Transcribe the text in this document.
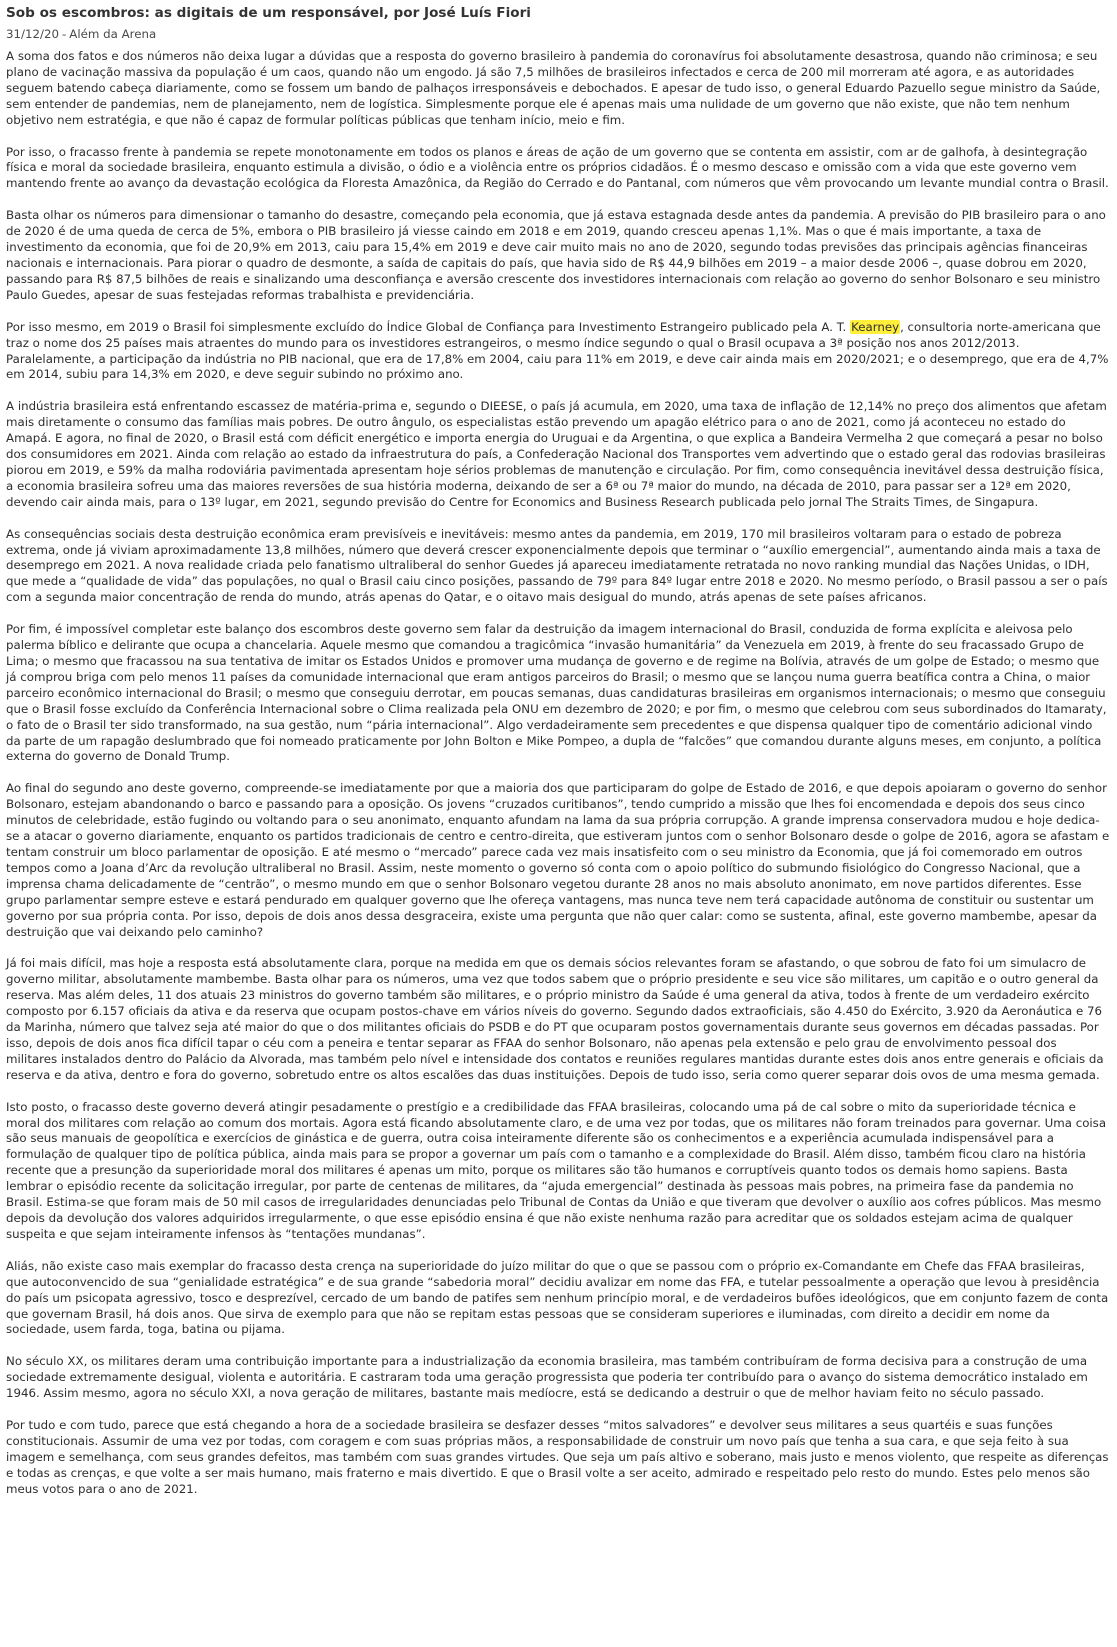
Sob os escombros: as digitais de um responsável, por José Luís Fiori
31/12/20 - Além da Arena

A soma dos fatos e dos números não deixa lugar a dúvidas que a resposta do governo brasileiro à pandemia do coronavírus foi absolutamente desastrosa, quando não criminosa; e seu plano de vacinação massiva da população é um caos, quando não um engodo. Já são 7,5 milhões de brasileiros infectados e cerca de 200 mil morreram até agora, e as autoridades seguem batendo cabeça diariamente, como se fossem um bando de palhaços irresponsáveis e debochados. E apesar de tudo isso, o general Eduardo Pazuello segue ministro da Saúde, sem entender de pandemias, nem de planejamento, nem de logística. Simplesmente porque ele é apenas mais uma nulidade de um governo que não existe, que não tem nenhum objetivo nem estratégia, e que não é capaz de formular políticas públicas que tenham início, meio e fim.

Por isso, o fracasso frente à pandemia se repete monotonamente em todos os planos e áreas de ação de um governo que se contenta em assistir, com ar de galhofa, à desintegração física e moral da sociedade brasileira, enquanto estimula a divisão, o ódio e a violência entre os próprios cidadãos. É o mesmo descaso e omissão com a vida que este governo vem mantendo frente ao avanço da devastação ecológica da Floresta Amazônica, da Região do Cerrado e do Pantanal, com números que vêm provocando um levante mundial contra o Brasil.

Basta olhar os números para dimensionar o tamanho do desastre, começando pela economia, que já estava estagnada desde antes da pandemia. A previsão do PIB brasileiro para o ano de 2020 é de uma queda de cerca de 5%, embora o PIB brasileiro já viesse caindo em 2018 e em 2019, quando cresceu apenas 1,1%. Mas o que é mais importante, a taxa de investimento da economia, que foi de 20,9% em 2013, caiu para 15,4% em 2019 e deve cair muito mais no ano de 2020, segundo todas previsões das principais agências financeiras nacionais e internacionais. Para piorar o quadro de desmonte, a saída de capitais do país, que havia sido de R$ 44,9 bilhões em 2019 – a maior desde 2006 –, quase dobrou em 2020, passando para R$ 87,5 bilhões de reais e sinalizando uma desconfiança e aversão crescente dos investidores internacionais com relação ao governo do senhor Bolsonaro e seu ministro Paulo Guedes, apesar de suas festejadas reformas trabalhista e previdenciária.

Por isso mesmo, em 2019 o Brasil foi simplesmente excluído do Índice Global de Confiança para Investimento Estrangeiro publicado pela A. T. Kearney, consultoria norte-americana que traz o nome dos 25 países mais atraentes do mundo para os investidores estrangeiros, o mesmo índice segundo o qual o Brasil ocupava a 3ª posição nos anos 2012/2013. Paralelamente, a participação da indústria no PIB nacional, que era de 17,8% em 2004, caiu para 11% em 2019, e deve cair ainda mais em 2020/2021; e o desemprego, que era de 4,7% em 2014, subiu para 14,3% em 2020, e deve seguir subindo no próximo ano.

A indústria brasileira está enfrentando escassez de matéria-prima e, segundo o DIEESE, o país já acumula, em 2020, uma taxa de inflação de 12,14% no preço dos alimentos que afetam mais diretamente o consumo das famílias mais pobres. De outro ângulo, os especialistas estão prevendo um apagão elétrico para o ano de 2021, como já aconteceu no estado do Amapá. E agora, no final de 2020, o Brasil está com déficit energético e importa energia do Uruguai e da Argentina, o que explica a Bandeira Vermelha 2 que começará a pesar no bolso dos consumidores em 2021. Ainda com relação ao estado da infraestrutura do país, a Confederação Nacional dos Transportes vem advertindo que o estado geral das rodovias brasileiras piorou em 2019, e 59% da malha rodoviária pavimentada apresentam hoje sérios problemas de manutenção e circulação. Por fim, como consequência inevitável dessa destruição física, a economia brasileira sofreu uma das maiores reversões de sua história moderna, deixando de ser a 6ª ou 7ª maior do mundo, na década de 2010, para passar ser a 12ª em 2020, devendo cair ainda mais, para o 13º lugar, em 2021, segundo previsão do Centre for Economics and Business Research publicada pelo jornal The Straits Times, de Singapura.

As consequências sociais desta destruição econômica eram previsíveis e inevitáveis: mesmo antes da pandemia, em 2019, 170 mil brasileiros voltaram para o estado de pobreza extrema, onde já viviam aproximadamente 13,8 milhões, número que deverá crescer exponencialmente depois que terminar o “auxílio emergencial”, aumentando ainda mais a taxa de desemprego em 2021. A nova realidade criada pelo fanatismo ultraliberal do senhor Guedes já apareceu imediatamente retratada no novo ranking mundial das Nações Unidas, o IDH, que mede a “qualidade de vida” das populações, no qual o Brasil caiu cinco posições, passando de 79º para 84º lugar entre 2018 e 2020. No mesmo período, o Brasil passou a ser o país com a segunda maior concentração de renda do mundo, atrás apenas do Qatar, e o oitavo mais desigual do mundo, atrás apenas de sete países africanos.

Por fim, é impossível completar este balanço dos escombros deste governo sem falar da destruição da imagem internacional do Brasil, conduzida de forma explícita e aleivosa pelo palerma bíblico e delirante que ocupa a chancelaria. Aquele mesmo que comandou a tragicômica “invasão humanitária” da Venezuela em 2019, à frente do seu fracassado Grupo de Lima; o mesmo que fracassou na sua tentativa de imitar os Estados Unidos e promover uma mudança de governo e de regime na Bolívia, através de um golpe de Estado; o mesmo que já comprou briga com pelo menos 11 países da comunidade internacional que eram antigos parceiros do Brasil; o mesmo que se lançou numa guerra beatífica contra a China, o maior parceiro econômico internacional do Brasil; o mesmo que conseguiu derrotar, em poucas semanas, duas candidaturas brasileiras em organismos internacionais; o mesmo que conseguiu que o Brasil fosse excluído da Conferência Internacional sobre o Clima realizada pela ONU em dezembro de 2020; e por fim, o mesmo que celebrou com seus subordinados do Itamaraty, o fato de o Brasil ter sido transformado, na sua gestão, num “pária internacional”. Algo verdadeiramente sem precedentes e que dispensa qualquer tipo de comentário adicional vindo da parte de um rapagão deslumbrado que foi nomeado praticamente por John Bolton e Mike Pompeo, a dupla de “falcões” que comandou durante alguns meses, em conjunto, a política externa do governo de Donald Trump.

Ao final do segundo ano deste governo, compreende-se imediatamente por que a maioria dos que participaram do golpe de Estado de 2016, e que depois apoiaram o governo do senhor Bolsonaro, estejam abandonando o barco e passando para a oposição. Os jovens “cruzados curitibanos”, tendo cumprido a missão que lhes foi encomendada e depois dos seus cinco minutos de celebridade, estão fugindo ou voltando para o seu anonimato, enquanto afundam na lama da sua própria corrupção. A grande imprensa conservadora mudou e hoje dedica-se a atacar o governo diariamente, enquanto os partidos tradicionais de centro e centro-direita, que estiveram juntos com o senhor Bolsonaro desde o golpe de 2016, agora se afastam e tentam construir um bloco parlamentar de oposição. E até mesmo o “mercado” parece cada vez mais insatisfeito com o seu ministro da Economia, que já foi comemorado em outros tempos como a Joana d’Arc da revolução ultraliberal no Brasil. Assim, neste momento o governo só conta com o apoio político do submundo fisiológico do Congresso Nacional, que a imprensa chama delicadamente de “centrão”, o mesmo mundo em que o senhor Bolsonaro vegetou durante 28 anos no mais absoluto anonimato, em nove partidos diferentes. Esse grupo parlamentar sempre esteve e estará pendurado em qualquer governo que lhe ofereça vantagens, mas nunca teve nem terá capacidade autônoma de constituir ou sustentar um governo por sua própria conta. Por isso, depois de dois anos dessa desgraceira, existe uma pergunta que não quer calar: como se sustenta, afinal, este governo mambembe, apesar da destruição que vai deixando pelo caminho?

Já foi mais difícil, mas hoje a resposta está absolutamente clara, porque na medida em que os demais sócios relevantes foram se afastando, o que sobrou de fato foi um simulacro de governo militar, absolutamente mambembe. Basta olhar para os números, uma vez que todos sabem que o próprio presidente e seu vice são militares, um capitão e o outro general da reserva. Mas além deles, 11 dos atuais 23 ministros do governo também são militares, e o próprio ministro da Saúde é uma general da ativa, todos à frente de um verdadeiro exército composto por 6.157 oficiais da ativa e da reserva que ocupam postos-chave em vários níveis do governo. Segundo dados extraoficiais, são 4.450 do Exército, 3.920 da Aeronáutica e 76 da Marinha, número que talvez seja até maior do que o dos militantes oficiais do PSDB e do PT que ocuparam postos governamentais durante seus governos em décadas passadas. Por isso, depois de dois anos fica difícil tapar o céu com a peneira e tentar separar as FFAA do senhor Bolsonaro, não apenas pela extensão e pelo grau de envolvimento pessoal dos militares instalados dentro do Palácio da Alvorada, mas também pelo nível e intensidade dos contatos e reuniões regulares mantidas durante estes dois anos entre generais e oficiais da reserva e da ativa, dentro e fora do governo, sobretudo entre os altos escalões das duas instituições. Depois de tudo isso, seria como querer separar dois ovos de uma mesma gemada.

Isto posto, o fracasso deste governo deverá atingir pesadamente o prestígio e a credibilidade das FFAA brasileiras, colocando uma pá de cal sobre o mito da superioridade técnica e moral dos militares com relação ao comum dos mortais. Agora está ficando absolutamente claro, e de uma vez por todas, que os militares não foram treinados para governar. Uma coisa são seus manuais de geopolítica e exercícios de ginástica e de guerra, outra coisa inteiramente diferente são os conhecimentos e a experiência acumulada indispensável para a formulação de qualquer tipo de política pública, ainda mais para se propor a governar um país com o tamanho e a complexidade do Brasil. Além disso, também ficou claro na história recente que a presunção da superioridade moral dos militares é apenas um mito, porque os militares são tão humanos e corruptíveis quanto todos os demais homo sapiens. Basta lembrar o episódio recente da solicitação irregular, por parte de centenas de militares, da “ajuda emergencial” destinada às pessoas mais pobres, na primeira fase da pandemia no Brasil. Estima-se que foram mais de 50 mil casos de irregularidades denunciadas pelo Tribunal de Contas da União e que tiveram que devolver o auxílio aos cofres públicos. Mas mesmo depois da devolução dos valores adquiridos irregularmente, o que esse episódio ensina é que não existe nenhuma razão para acreditar que os soldados estejam acima de qualquer suspeita e que sejam inteiramente infensos às “tentações mundanas”.

Aliás, não existe caso mais exemplar do fracasso desta crença na superioridade do juízo militar do que o que se passou com o próprio ex-Comandante em Chefe das FFAA brasileiras, que autoconvencido de sua “genialidade estratégica” e de sua grande “sabedoria moral” decidiu avalizar em nome das FFA, e tutelar pessoalmente a operação que levou à presidência do país um psicopata agressivo, tosco e desprezível, cercado de um bando de patifes sem nenhum princípio moral, e de verdadeiros bufões ideológicos, que em conjunto fazem de conta que governam Brasil, há dois anos. Que sirva de exemplo para que não se repitam estas pessoas que se consideram superiores e iluminadas, com direito a decidir em nome da sociedade, usem farda, toga, batina ou pijama.

No século XX, os militares deram uma contribuição importante para a industrialização da economia brasileira, mas também contribuíram de forma decisiva para a construção de uma sociedade extremamente desigual, violenta e autoritária. E castraram toda uma geração progressista que poderia ter contribuído para o avanço do sistema democrático instalado em 1946. Assim mesmo, agora no século XXI, a nova geração de militares, bastante mais medíocre, está se dedicando a destruir o que de melhor haviam feito no século passado.

Por tudo e com tudo, parece que está chegando a hora de a sociedade brasileira se desfazer desses “mitos salvadores” e devolver seus militares a seus quartéis e suas funções constitucionais. Assumir de uma vez por todas, com coragem e com suas próprias mãos, a responsabilidade de construir um novo país que tenha a sua cara, e que seja feito à sua imagem e semelhança, com seus grandes defeitos, mas também com suas grandes virtudes. Que seja um país altivo e soberano, mais justo e menos violento, que respeite as diferenças e todas as crenças, e que volte a ser mais humano, mais fraterno e mais divertido. E que o Brasil volte a ser aceito, admirado e respeitado pelo resto do mundo. Estes pelo menos são meus votos para o ano de 2021.
